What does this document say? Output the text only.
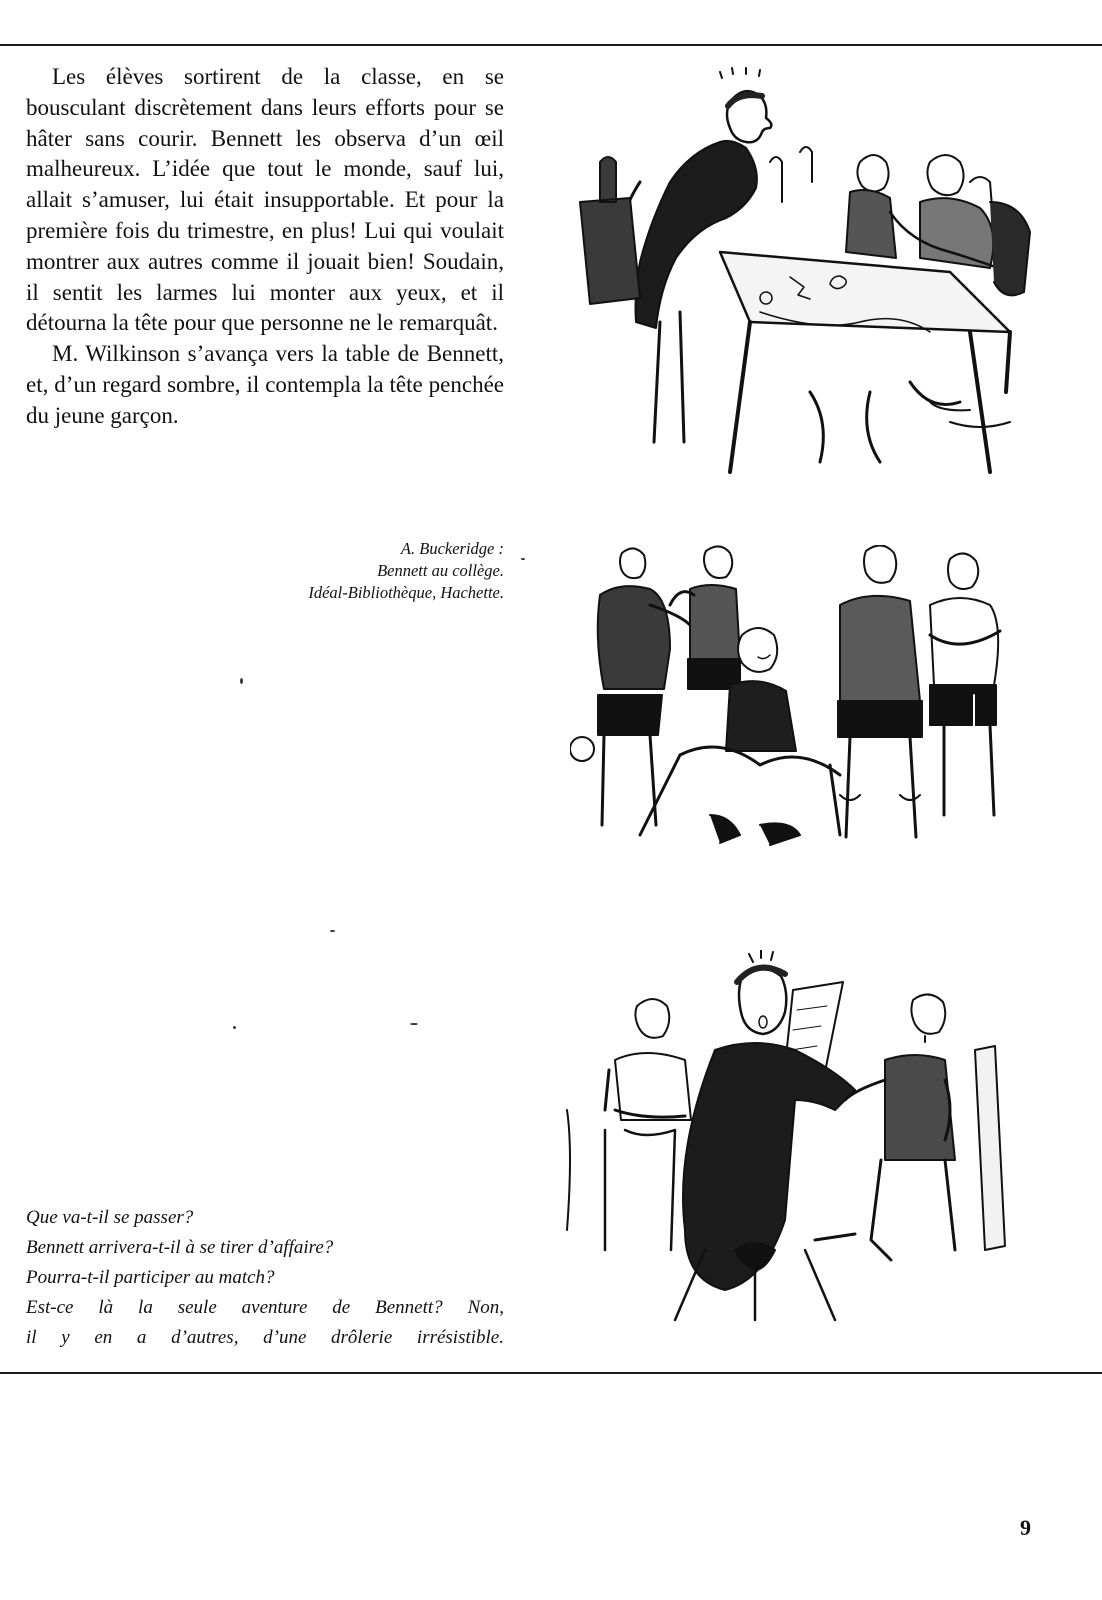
Les élèves sortirent de la classe, en se bousculant discrètement dans leurs efforts pour se hâter sans courir. Bennett les observa d’un œil malheureux. L’idée que tout le monde, sauf lui, allait s’amuser, lui était insupportable. Et pour la première fois du trimestre, en plus! Lui qui voulait montrer aux autres comme il jouait bien! Soudain, il sentit les larmes lui monter aux yeux, et il détourna la tête pour que personne ne le remarquât.

M. Wilkinson s’avança vers la table de Bennett, et, d’un regard sombre, il contempla la tête penchée du jeune garçon.

A. Buckeridge :
Bennett au collège.
Idéal-Bibliothèque, Hachette.
Que va-t-il se passer?
Bennett arrivera-t-il à se tirer d’affaire?
Pourra-t-il participer au match?
Est-ce là la seule aventure de Bennett? Non,
il y en a d’autres, d’une drôlerie irrésistible.
9
